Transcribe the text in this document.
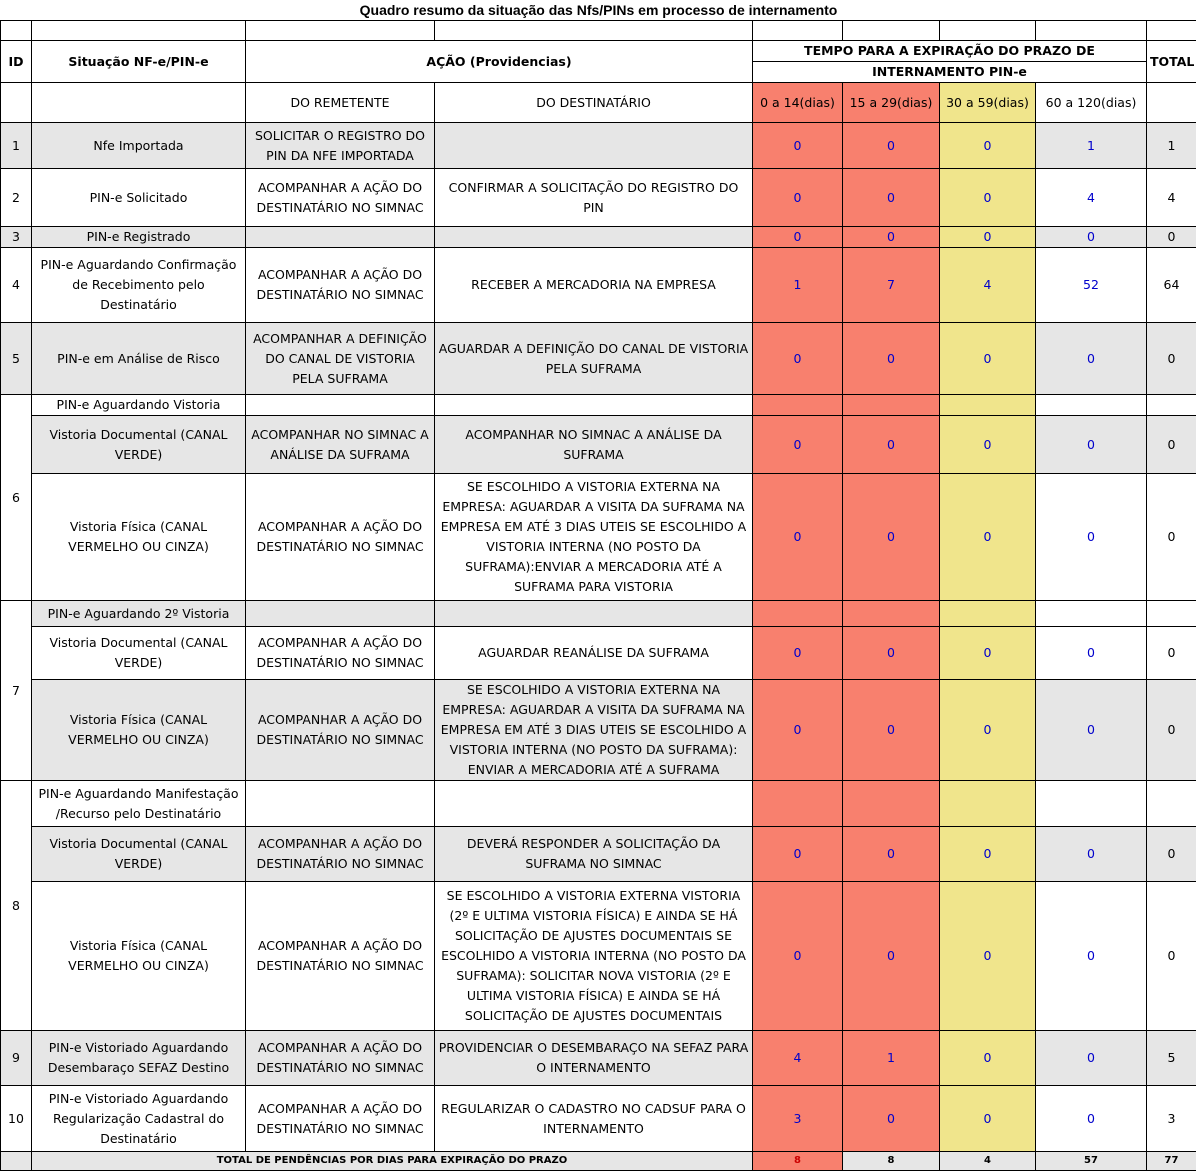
Quadro resumo da situação das Nfs/PINs em processo de internamento								

ID	Situação NF-e/PIN-e	AÇÃO (Providencias)		TEMPO PARA A EXPIRAÇÃO DO PRAZO DE				TOTAL
				INTERNAMENTO PIN-e				
		DO REMETENTE	DO DESTINATÁRIO	0 a 14(dias)	15 a 29(dias)	30 a 59(dias)	60 a 120(dias)	
1	Nfe Importada	SOLICITAR O REGISTRO DO PIN DA NFE IMPORTADA		0	0	0	1	1
2	PIN-e Solicitado	ACOMPANHAR A AÇÃO DO DESTINATÁRIO NO SIMNAC	CONFIRMAR A SOLICITAÇÃO DO REGISTRO DO PIN	0	0	0	4	4
3	PIN-e Registrado			0	0	0	0	0
4	PIN-e Aguardando Confirmação de Recebimento pelo Destinatário	ACOMPANHAR A AÇÃO DO DESTINATÁRIO NO SIMNAC	RECEBER A MERCADORIA NA EMPRESA	1	7	4	52	64
5	PIN-e em Análise de Risco	ACOMPANHAR A DEFINIÇÃO DO CANAL DE VISTORIA PELA SUFRAMA	AGUARDAR A DEFINIÇÃO DO CANAL DE VISTORIA PELA SUFRAMA	0	0	0	0	0
6	PIN-e Aguardando Vistoria							
	Vistoria Documental (CANAL VERDE)	ACOMPANHAR NO SIMNAC A ANÁLISE DA SUFRAMA	ACOMPANHAR NO SIMNAC A ANÁLISE DA SUFRAMA	0	0	0	0	0
	Vistoria Física (CANAL VERMELHO OU CINZA)	ACOMPANHAR A AÇÃO DO DESTINATÁRIO NO SIMNAC	SE ESCOLHIDO A VISTORIA EXTERNA NA EMPRESA: AGUARDAR A VISITA DA SUFRAMA NA EMPRESA EM ATÉ 3 DIAS UTEIS SE ESCOLHIDO A VISTORIA INTERNA (NO POSTO DA SUFRAMA):ENVIAR A MERCADORIA ATÉ A SUFRAMA PARA VISTORIA	0	0	0	0	0
7	PIN-e Aguardando 2º Vistoria							
	Vistoria Documental (CANAL VERDE)	ACOMPANHAR A AÇÃO DO DESTINATÁRIO NO SIMNAC	AGUARDAR REANÁLISE DA SUFRAMA	0	0	0	0	0
	Vistoria Física (CANAL VERMELHO OU CINZA)	ACOMPANHAR A AÇÃO DO DESTINATÁRIO NO SIMNAC	SE ESCOLHIDO A VISTORIA EXTERNA NA EMPRESA: AGUARDAR A VISITA DA SUFRAMA NA EMPRESA EM ATÉ 3 DIAS UTEIS SE ESCOLHIDO A VISTORIA INTERNA (NO POSTO DA SUFRAMA): ENVIAR A MERCADORIA ATÉ A SUFRAMA	0	0	0	0	0
8	PIN-e Aguardando Manifestação /Recurso pelo Destinatário							
	Vistoria Documental (CANAL VERDE)	ACOMPANHAR A AÇÃO DO DESTINATÁRIO NO SIMNAC	DEVERÁ RESPONDER A SOLICITAÇÃO DA SUFRAMA NO SIMNAC	0	0	0	0	0
	Vistoria Física (CANAL VERMELHO OU CINZA)	ACOMPANHAR A AÇÃO DO DESTINATÁRIO NO SIMNAC	SE ESCOLHIDO A VISTORIA EXTERNA VISTORIA (2º E ULTIMA VISTORIA FÍSICA) E AINDA SE HÁ SOLICITAÇÃO DE AJUSTES DOCUMENTAIS SE ESCOLHIDO A VISTORIA INTERNA (NO POSTO DA SUFRAMA): SOLICITAR NOVA VISTORIA (2º E ULTIMA VISTORIA FÍSICA) E AINDA SE HÁ SOLICITAÇÃO DE AJUSTES DOCUMENTAIS	0	0	0	0	0
9	PIN-e Vistoriado Aguardando Desembaraço SEFAZ Destino	ACOMPANHAR A AÇÃO DO DESTINATÁRIO NO SIMNAC	PROVIDENCIAR O DESEMBARAÇO NA SEFAZ PARA O INTERNAMENTO	4	1	0	0	5
10	PIN-e Vistoriado Aguardando Regularização Cadastral do Destinatário	ACOMPANHAR A AÇÃO DO DESTINATÁRIO NO SIMNAC	REGULARIZAR O CADASTRO NO CADSUF PARA O INTERNAMENTO	3	0	0	0	3
	TOTAL DE PENDÊNCIAS POR DIAS PARA EXPIRAÇÃO DO PRAZO			8	8	4	57	77
